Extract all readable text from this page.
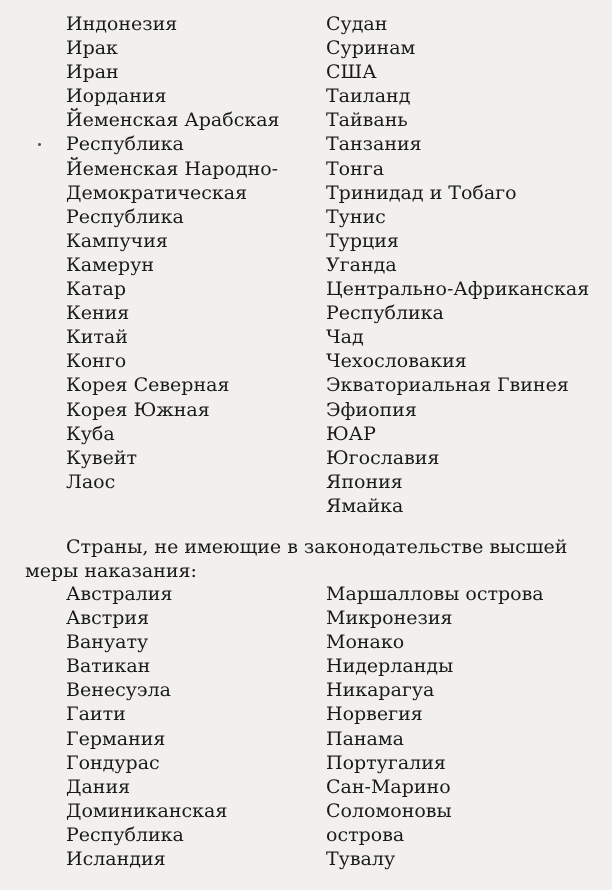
Индонезия
Ирак
Иран
Иордания
Йеменская Арабская
Республика
Йеменская Народно-
Демократическая
Республика
Кампучия
Камерун
Катар
Кения
Китай
Конго
Корея Северная
Корея Южная
Куба
Кувейт
Лаос
Судан
Суринам
США
Таиланд
Тайвань
Танзания
Тонга
Тринидад и Тобаго
Тунис
Турция
Уганда
Центрально-Африканская
Республика
Чад
Чехословакия
Экваториальная Гвинея
Эфиопия
ЮАР
Югославия
Япония
Ямайка

Страны, не имеющие в законодательстве высшей
меры наказания:

Австралия
Австрия
Вануату
Ватикан
Венесуэла
Гаити
Германия
Гондурас
Дания
Доминиканская
Республика
Исландия
Маршалловы острова
Микронезия
Монако
Нидерланды
Никарагуа
Норвегия
Панама
Португалия
Сан-Марино
Соломоновы
острова
Тувалу
